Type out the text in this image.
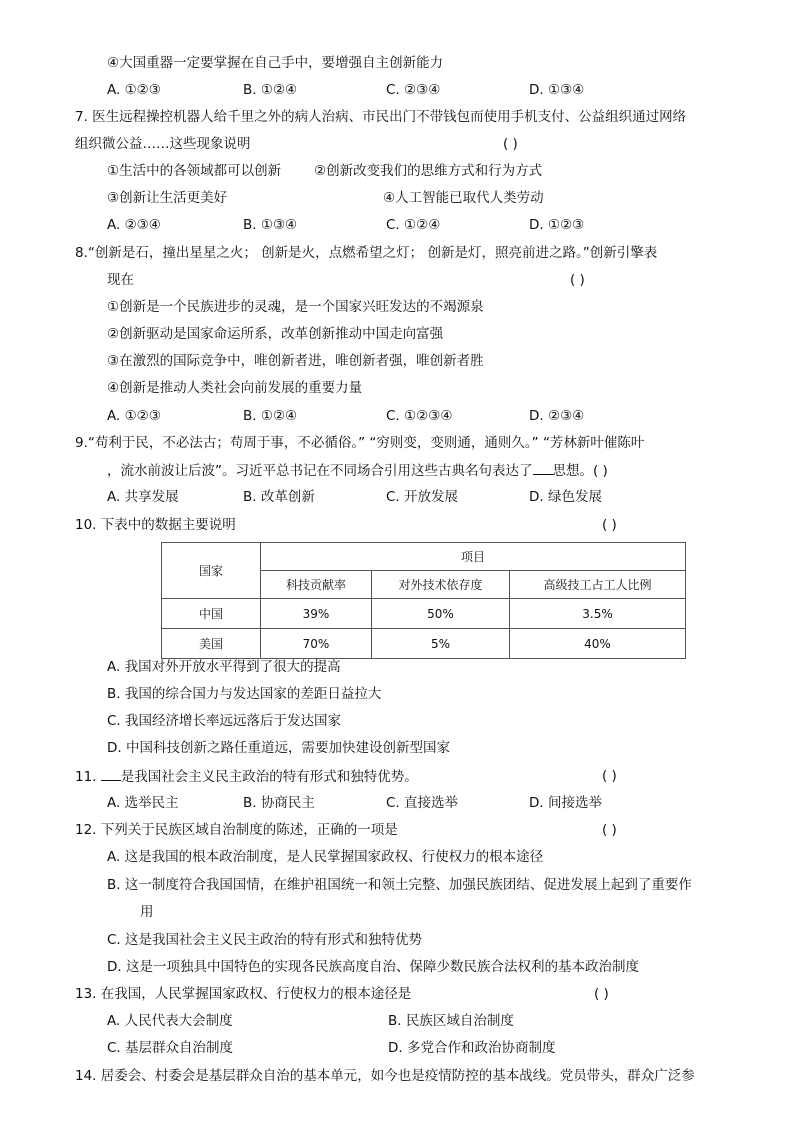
④大国重器一定要掌握在自己手中，要增强自主创新能力
A. ①②③	B. ①②④	C. ②③④	D. ①③④
7. 医生远程操控机器人给千里之外的病人治病、市民出门不带钱包而使用手机支付、公益组织通过网络
组织微公益……这些现象说明	( )
①生活中的各领域都可以创新 ②创新改变我们的思维方式和行为方式
③创新让生活更美好	④人工智能已取代人类劳动
A. ②③④	B. ①③④	C. ①②④	D. ①②③
8.“创新是石，撞出星星之火； 创新是火，点燃希望之灯； 创新是灯，照亮前进之路。”创新引擎表
现在	( )
①创新是一个民族进步的灵魂，是一个国家兴旺发达的不竭源泉
②创新驱动是国家命运所系，改革创新推动中国走向富强
③在激烈的国际竞争中，唯创新者进，唯创新者强，唯创新者胜
④创新是推动人类社会向前发展的重要力量
A. ①②③	B. ①②④	C. ①②③④	D. ②③④
9.“苟利于民，不必法古；苟周于事，不必循俗。” “穷则变，变则通，通则久。” “芳林新叶催陈叶
，流水前波让后波”。习近平总书记在不同场合引用这些古典名句表达了 思想。( )
A. 共享发展	B. 改革创新	C. 开放发展	D. 绿色发展
10. 下表中的数据主要说明	( )
国家	项目		
	科技贡献率	对外技术依存度	高级技工占工人比例
中国	39%	50%	3.5%
美国	70%	5%	40%
A. 我国对外开放水平得到了很大的提高
B. 我国的综合国力与发达国家的差距日益拉大
C. 我国经济增长率远远落后于发达国家
D. 中国科技创新之路任重道远，需要加快建设创新型国家
11. 是我国社会主义民主政治的特有形式和独特优势。	( )
A. 选举民主	B. 协商民主	C. 直接选举	D. 间接选举
12. 下列关于民族区域自治制度的陈述，正确的一项是	( )
A. 这是我国的根本政治制度，是人民掌握国家政权、行使权力的根本途径
B. 这一制度符合我国国情，在维护祖国统一和领土完整、加强民族团结、促进发展上起到了重要作
用
C. 这是我国社会主义民主政治的特有形式和独特优势
D. 这是一项独具中国特色的实现各民族高度自治、保障少数民族合法权利的基本政治制度
13. 在我国，人民掌握国家政权、行使权力的根本途径是	( )
A. 人民代表大会制度	B. 民族区域自治制度
C. 基层群众自治制度	D. 多党合作和政治协商制度
14. 居委会、村委会是基层群众自治的基本单元，如今也是疫情防控的基本战线。党员带头，群众广泛参
